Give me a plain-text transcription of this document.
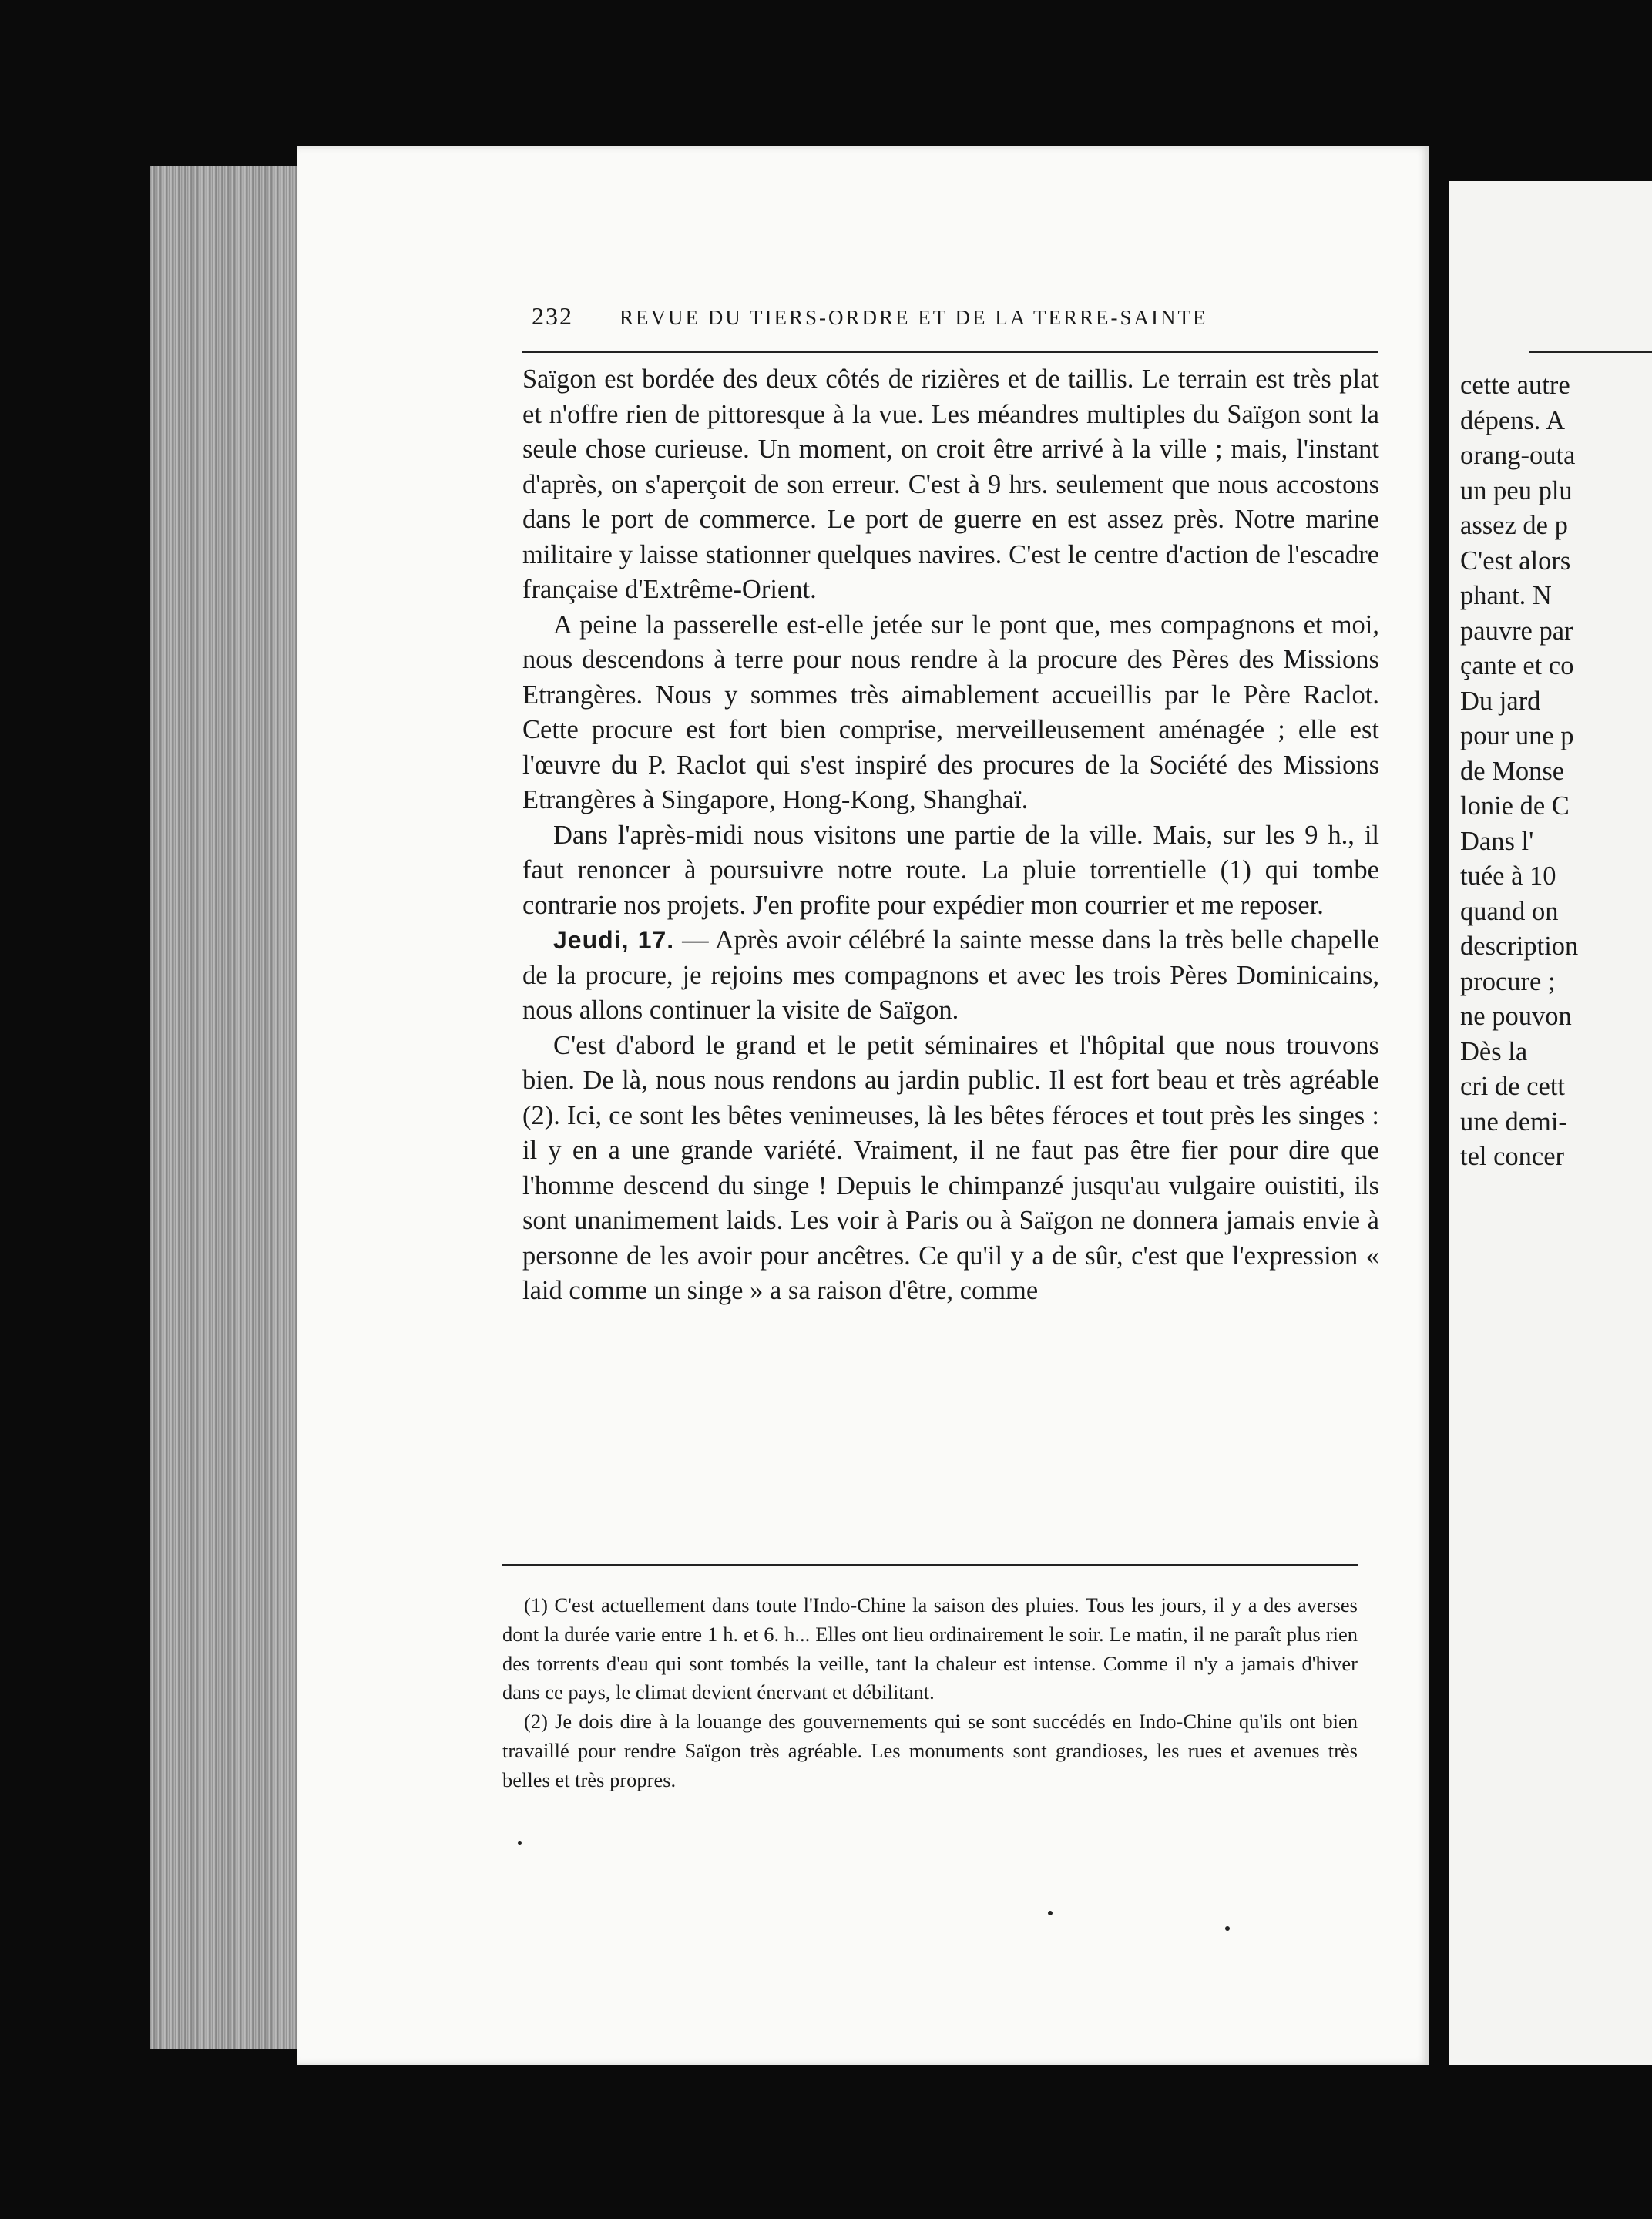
232 REVUE DU TIERS-ORDRE ET DE LA TERRE-SAINTE

Saïgon est bordée des deux côtés de rizières et de taillis. Le terrain est très plat et n'offre rien de pittoresque à la vue. Les méandres multiples du Saïgon sont la seule chose curieuse. Un moment, on croit être arrivé à la ville ; mais, l'instant d'après, on s'aperçoit de son erreur. C'est à 9 hrs. seulement que nous accostons dans le port de commerce. Le port de guerre en est assez près. Notre marine militaire y laisse stationner quelques navires. C'est le centre d'action de l'escadre française d'Extrême-Orient.

A peine la passerelle est-elle jetée sur le pont que, mes compagnons et moi, nous descendons à terre pour nous rendre à la procure des Pères des Missions Etrangères. Nous y sommes très aimablement accueillis par le Père Raclot. Cette procure est fort bien comprise, merveilleusement aménagée ; elle est l'œuvre du P. Raclot qui s'est inspiré des procures de la Société des Missions Etrangères à Singapore, Hong-Kong, Shanghaï.

Dans l'après-midi nous visitons une partie de la ville. Mais, sur les 9 h., il faut renoncer à poursuivre notre route. La pluie torrentielle (1) qui tombe contrarie nos projets. J'en profite pour expédier mon courrier et me reposer.

Jeudi, 17. — Après avoir célébré la sainte messe dans la très belle chapelle de la procure, je rejoins mes compagnons et avec les trois Pères Dominicains, nous allons continuer la visite de Saïgon.

C'est d'abord le grand et le petit séminaires et l'hôpital que nous trouvons bien. De là, nous nous rendons au jardin public. Il est fort beau et très agréable (2). Ici, ce sont les bêtes venimeuses, là les bêtes féroces et tout près les singes : il y en a une grande variété. Vraiment, il ne faut pas être fier pour dire que l'homme descend du singe ! Depuis le chimpanzé jusqu'au vulgaire ouistiti, ils sont unanimement laids. Les voir à Paris ou à Saïgon ne donnera jamais envie à personne de les avoir pour ancêtres. Ce qu'il y a de sûr, c'est que l'expression « laid comme un singe » a sa raison d'être, comme

(1) C'est actuellement dans toute l'Indo-Chine la saison des pluies. Tous les jours, il y a des averses dont la durée varie entre 1 h. et 6. h... Elles ont lieu ordinairement le soir. Le matin, il ne paraît plus rien des torrents d'eau qui sont tombés la veille, tant la chaleur est intense. Comme il n'y a jamais d'hiver dans ce pays, le climat devient énervant et débilitant.

(2) Je dois dire à la louange des gouvernements qui se sont succédés en Indo-Chine qu'ils ont bien travaillé pour rendre Saïgon très agréable. Les monuments sont grandioses, les rues et avenues très belles et très propres.

cette autre
dépens. A
orang-outa
un peu plu
assez de p
C'est alors
phant. N
pauvre par
çante et co
Du jard
pour une p
de Monse
lonie de C
Dans l'
tuée à 10
quand on
description
procure ;
ne pouvon
Dès la
cri de cett
une demi-
tel concer
